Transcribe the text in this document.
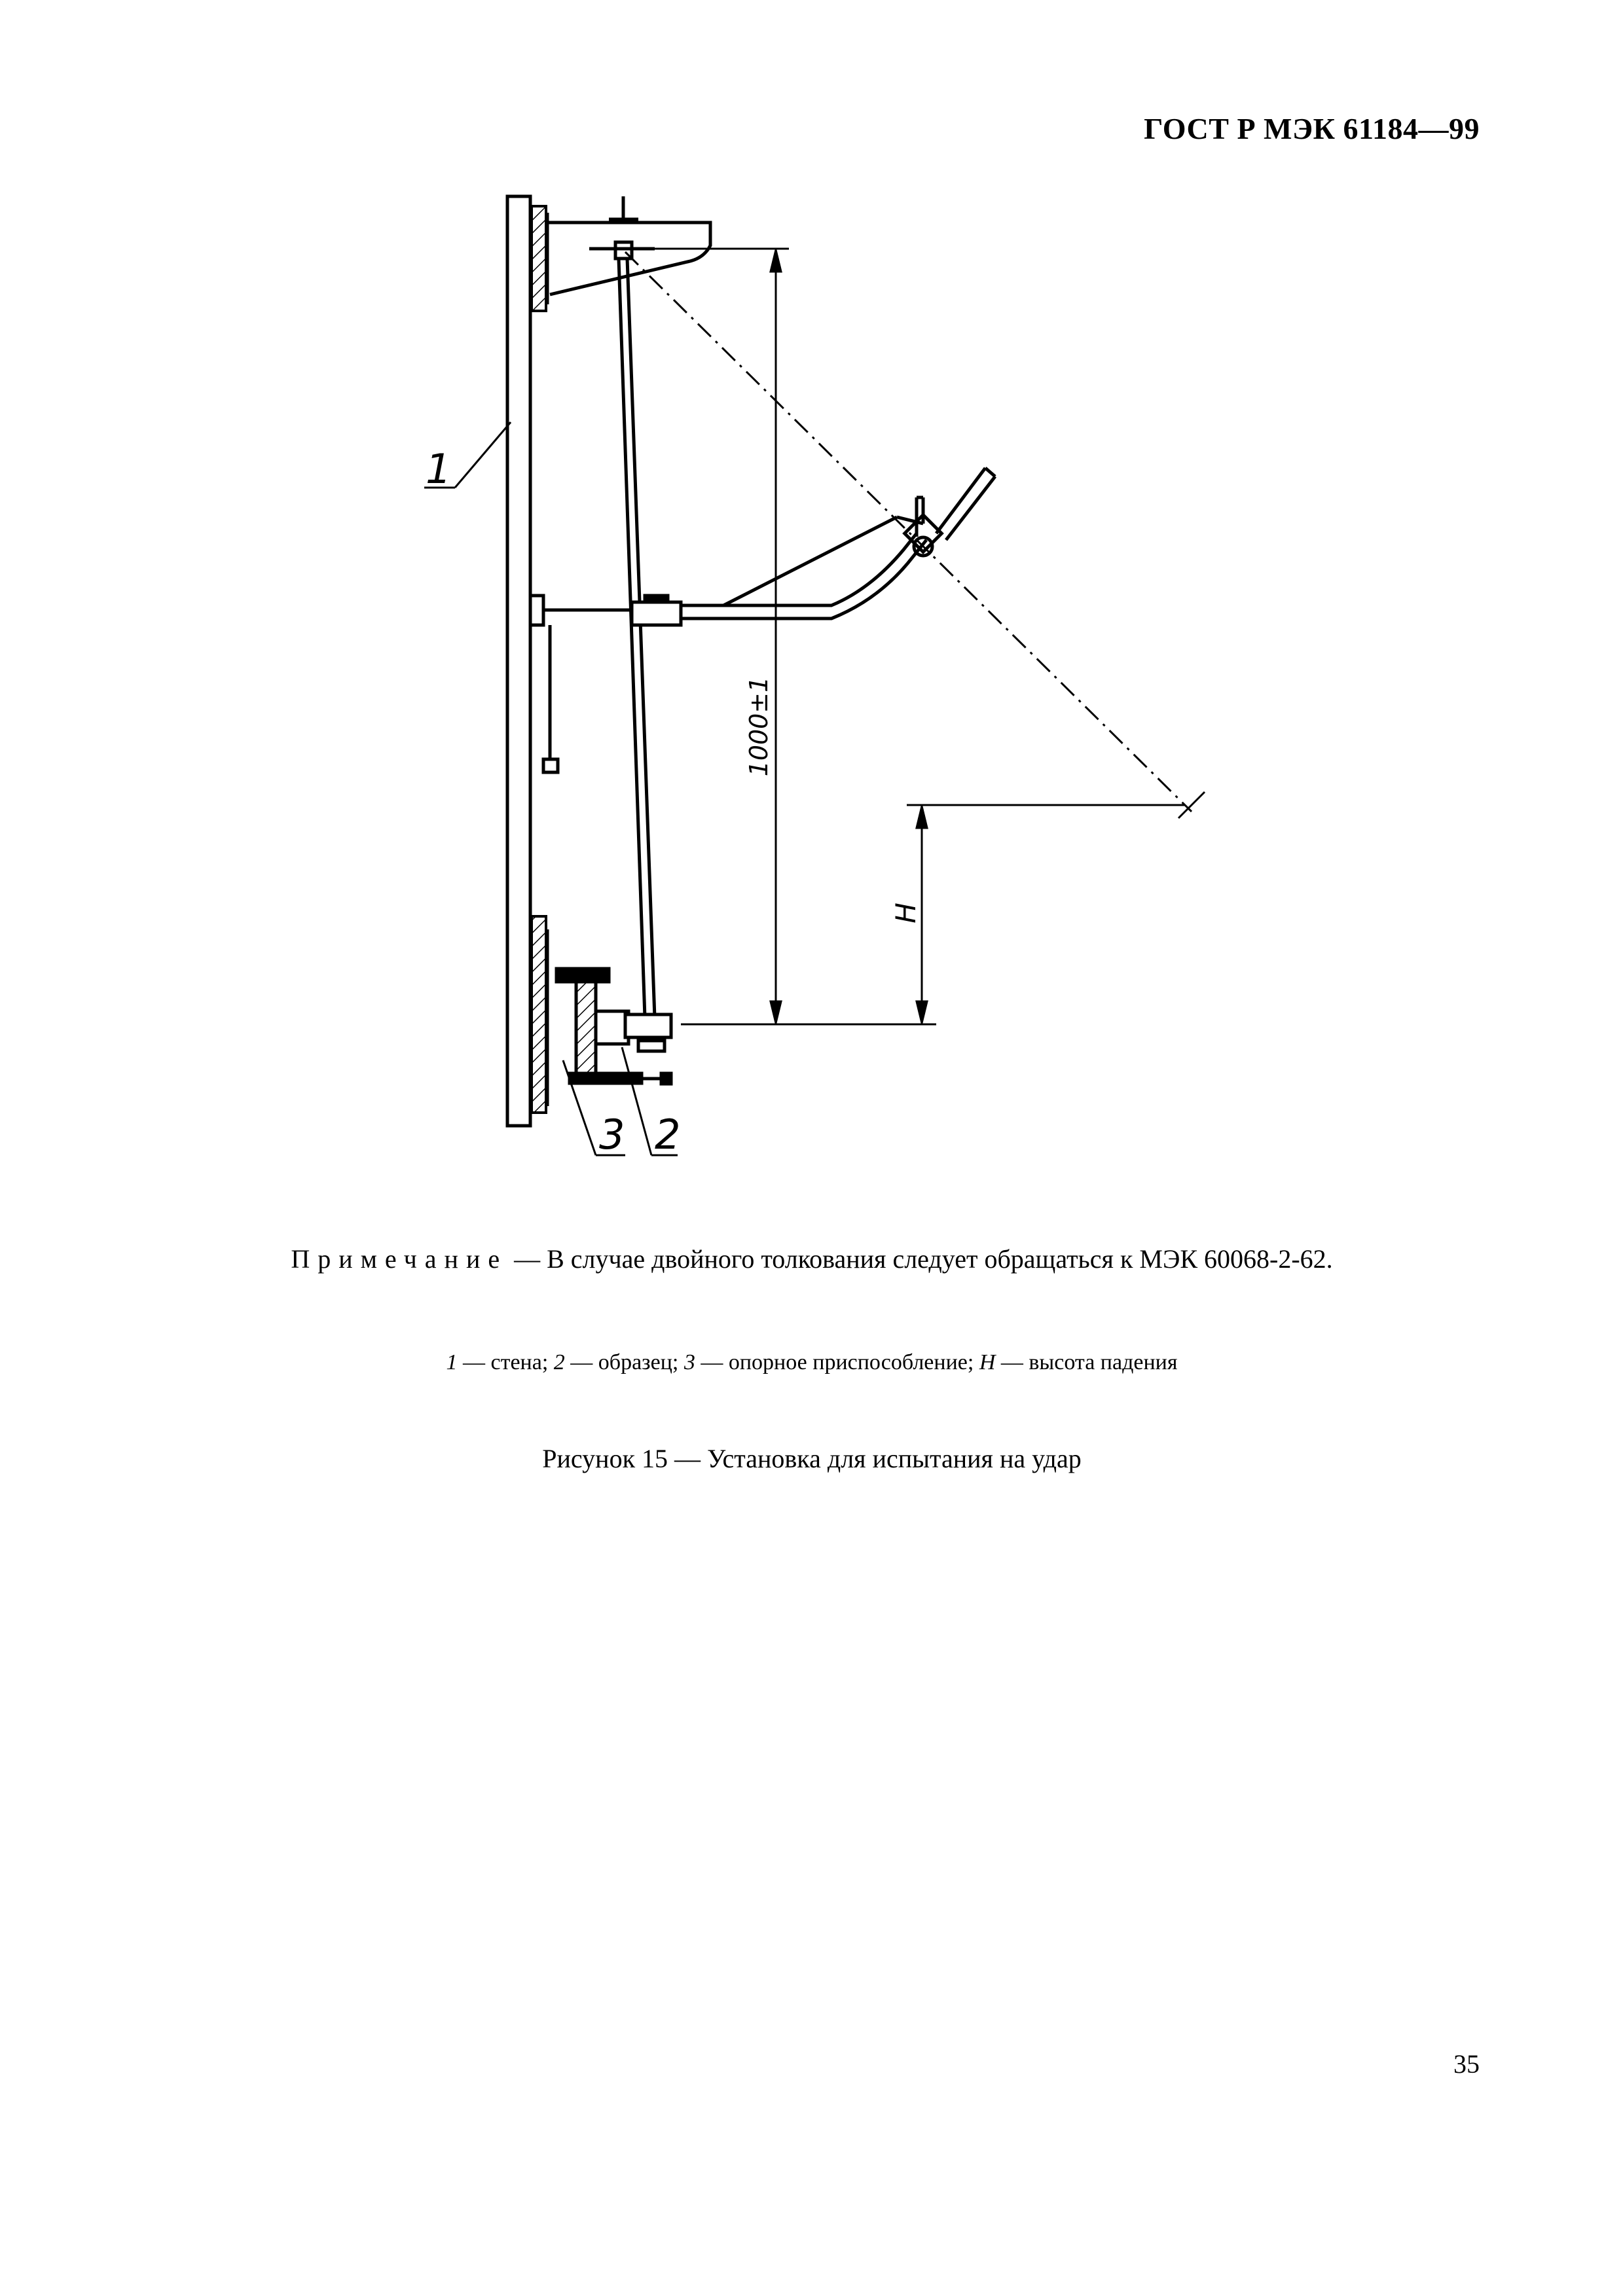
ГОСТ Р МЭК 61184—99
1000±1
H
1
3 2
Примечание — В случае двойного толкования следует обращаться к МЭК 60068-2-62.
1 — стена; 2 — образец; 3 — опорное приспособление; H — высота падения
Рисунок 15 — Установка для испытания на удар
35
